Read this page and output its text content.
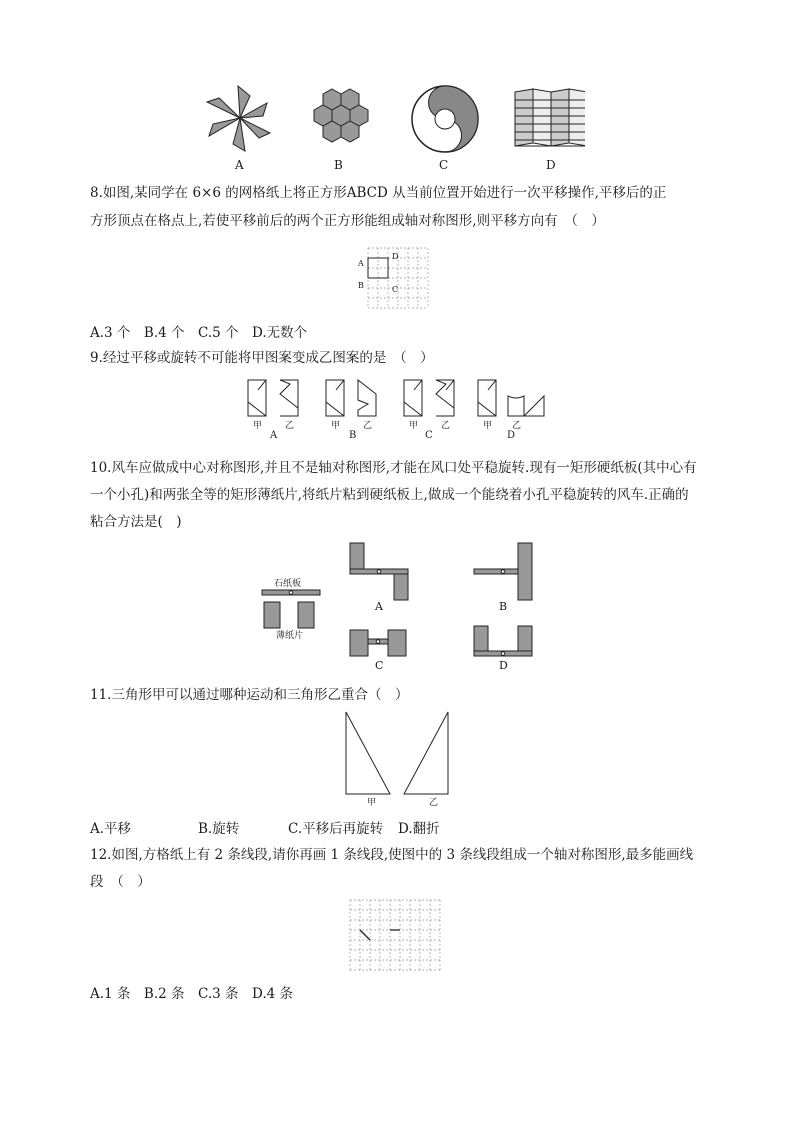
A	B	C	D
8.如图,某同学在 6×6 的网格纸上将正方形ABCD 从当前位置开始进行一次平移操作,平移后的正
方形顶点在格点上,若使平移前后的两个正方形能组成轴对称图形,则平移方向有　（　）
A
B	C
D
A.3 个　B.4 个　C.5 个　D.无数个
9.经过平移或旋转不可能将甲图案变成乙图案的是　（　）
甲	乙	甲	乙	甲	乙	甲 乙
A	B	C	D
10.风车应做成中心对称图形,并且不是轴对称图形,才能在风口处平稳旋转.现有一矩形硬纸板(其中心有一个小孔)和两张全等的矩形薄纸片,将纸片粘到硬纸板上,做成一个能绕着小孔平稳旋转的风车.正确的粘合方法是(　)
石纸板
薄纸片
A	B
C	D
11.三角形甲可以通过哪种运动和三角形乙重合（　）
甲	乙
A.平移	B.旋转	C.平移后再旋转 D.翻折
12.如图,方格纸上有 2 条线段,请你再画 1 条线段,使图中的 3 条线段组成一个轴对称图形,最多能画线段　（　）
A.1 条　B.2 条　C.3 条　D.4 条
